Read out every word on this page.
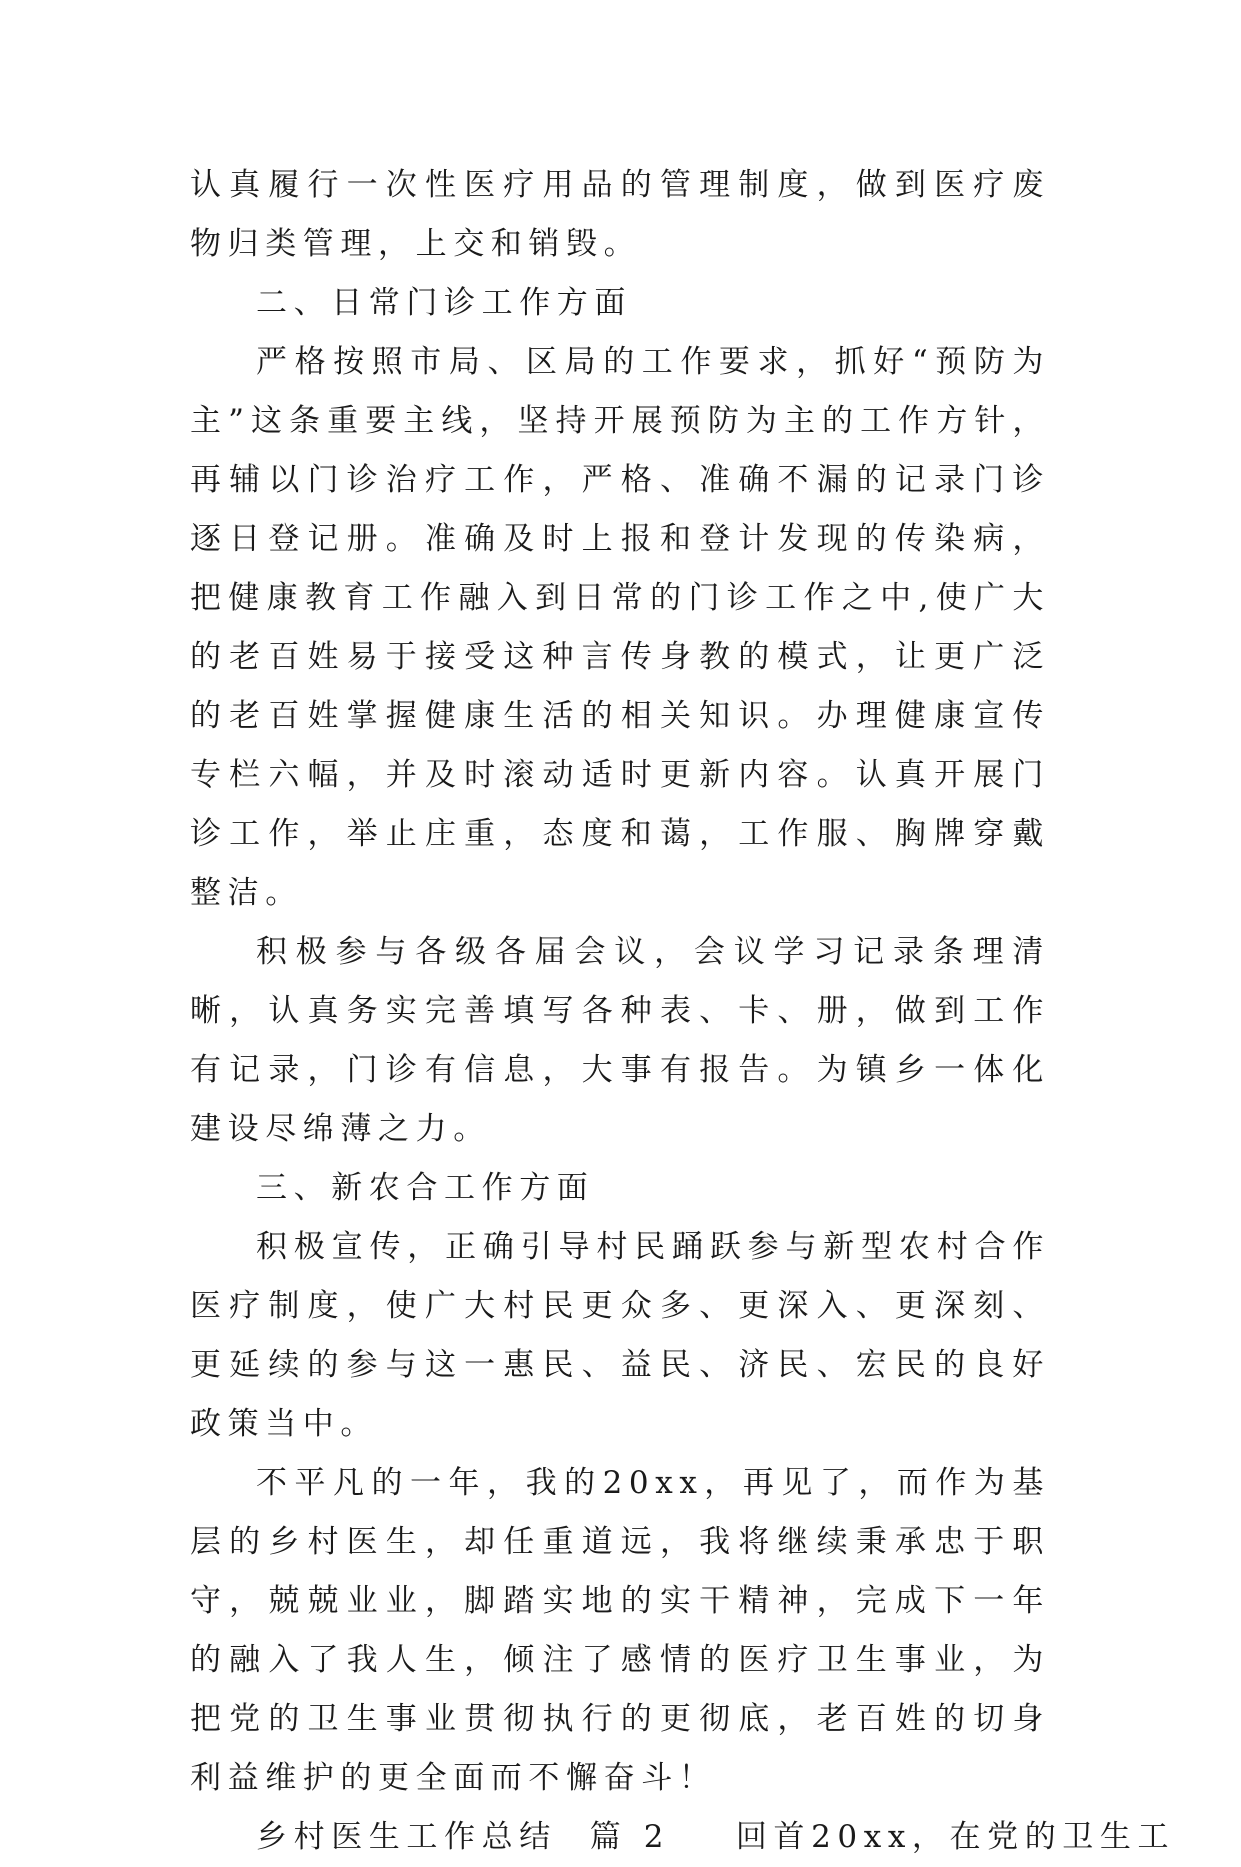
认真履行一次性医疗用品的管理制度，做到医疗废物归类管理，上交和销毁。

二、日常门诊工作方面

严格按照市局、区局的工作要求，抓好“预防为主”这条重要主线，坚持开展预防为主的工作方针，再辅以门诊治疗工作，严格、准确不漏的记录门诊逐日登记册。准确及时上报和登计发现的传染病，把健康教育工作融入到日常的门诊工作之中,使广大的老百姓易于接受这种言传身教的模式，让更广泛的老百姓掌握健康生活的相关知识。办理健康宣传专栏六幅，并及时滚动适时更新内容。认真开展门诊工作，举止庄重，态度和蔼，工作服、胸牌穿戴整洁。

积极参与各级各届会议，会议学习记录条理清晰，认真务实完善填写各种表、卡、册，做到工作有记录，门诊有信息，大事有报告。为镇乡一体化建设尽绵薄之力。

三、新农合工作方面

积极宣传，正确引导村民踊跃参与新型农村合作医疗制度，使广大村民更众多、更深入、更深刻、更延续的参与这一惠民、益民、济民、宏民的良好政策当中。

不平凡的一年，我的20xx，再见了，而作为基层的乡村医生，却任重道远，我将继续秉承忠于职守，兢兢业业，脚踏实地的实干精神，完成下一年的融入了我人生，倾注了感情的医疗卫生事业，为把党的卫生事业贯彻执行的更彻底，老百姓的切身利益维护的更全面而不懈奋斗！

乡村医生工作总结  篇 2    回首20xx，在党的卫生工
